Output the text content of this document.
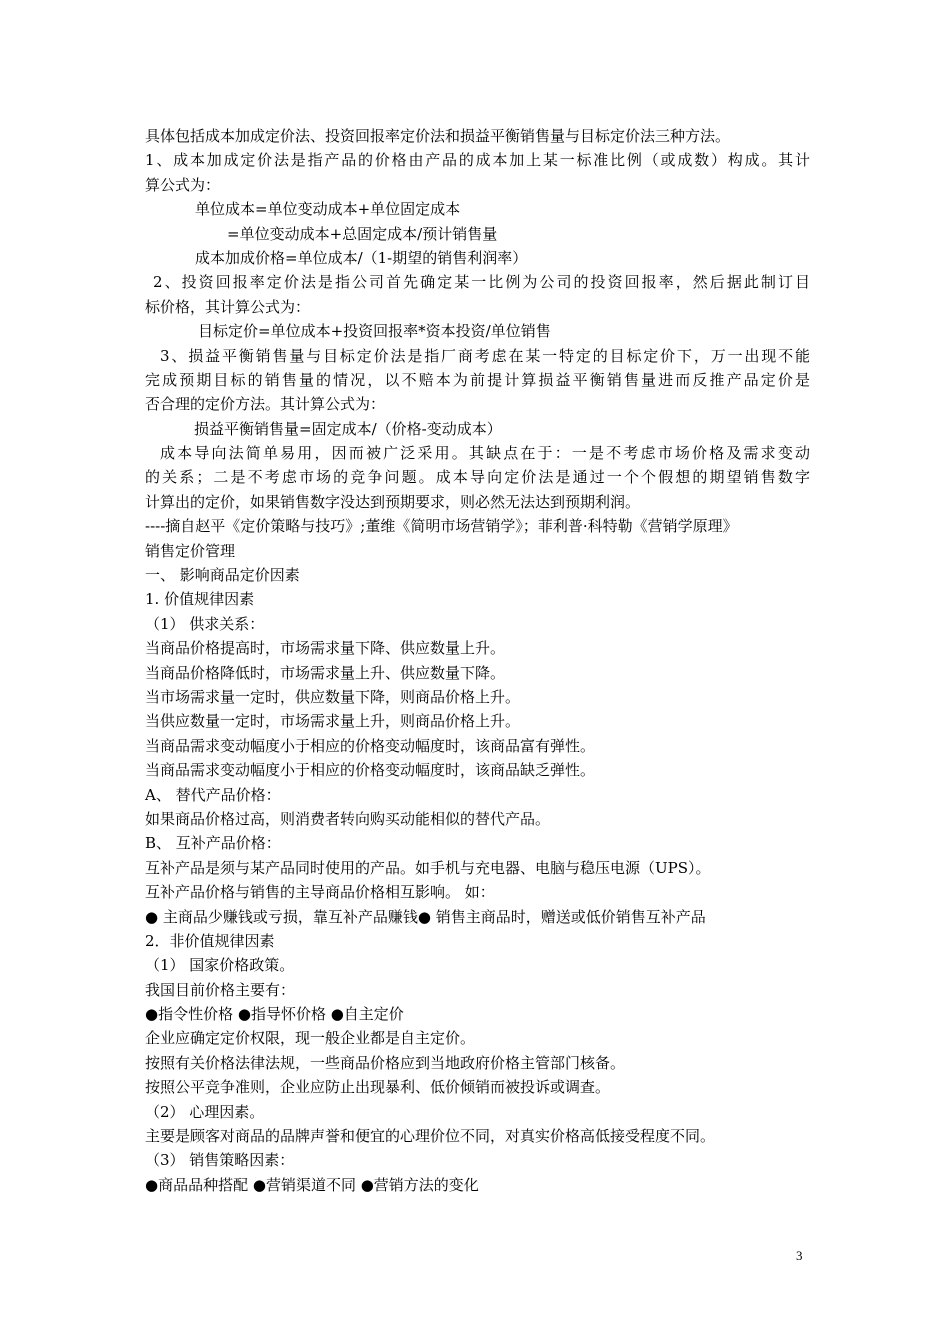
具体包括成本加成定价法、投资回报率定价法和损益平衡销售量与目标定价法三种方法。
1、成本加成定价法是指产品的价格由产品的成本加上某一标准比例（或成数）构成。其计
算公式为：
单位成本=单位变动成本+单位固定成本
=单位变动成本+总固定成本/预计销售量
成本加成价格=单位成本/（1-期望的销售利润率）
2、投资回报率定价法是指公司首先确定某一比例为公司的投资回报率，然后据此制订目
标价格，其计算公式为：
目标定价=单位成本+投资回报率*资本投资/单位销售
3、损益平衡销售量与目标定价法是指厂商考虑在某一特定的目标定价下，万一出现不能
完成预期目标的销售量的情况，以不赔本为前提计算损益平衡销售量进而反推产品定价是
否合理的定价方法。其计算公式为：
损益平衡销售量=固定成本/（价格-变动成本）
成本导向法简单易用，因而被广泛采用。其缺点在于：一是不考虑市场价格及需求变动
的关系；二是不考虑市场的竞争问题。成本导向定价法是通过一个个假想的期望销售数字
计算出的定价，如果销售数字没达到预期要求，则必然无法达到预期利润。
----摘自赵平《定价策略与技巧》;董维《简明市场营销学》；菲利普·科特勒《营销学原理》
销售定价管理
一、 影响商品定价因素
1. 价值规律因素
（1） 供求关系：
当商品价格提高时，市场需求量下降、供应数量上升。
当商品价格降低时，市场需求量上升、供应数量下降。
当市场需求量一定时，供应数量下降，则商品价格上升。
当供应数量一定时，市场需求量上升，则商品价格上升。
当商品需求变动幅度小于相应的价格变动幅度时，该商品富有弹性。
当商品需求变动幅度小于相应的价格变动幅度时，该商品缺乏弹性。
A、 替代产品价格：
如果商品价格过高，则消费者转向购买动能相似的替代产品。
B、 互补产品价格：
互补产品是须与某产品同时使用的产品。如手机与充电器、电脑与稳压电源（UPS）。
互补产品价格与销售的主导商品价格相互影响。 如：
● 主商品少赚钱或亏损，靠互补产品赚钱● 销售主商品时，赠送或低价销售互补产品
2．非价值规律因素
（1） 国家价格政策。
我国目前价格主要有：
●指令性价格 ●指导怀价格 ●自主定价
企业应确定定价权限，现一般企业都是自主定价。
按照有关价格法律法规，一些商品价格应到当地政府价格主管部门核备。
按照公平竞争准则，企业应防止出现暴利、低价倾销而被投诉或调查。
（2） 心理因素。
主要是顾客对商品的品牌声誉和便宜的心理价位不同，对真实价格高低接受程度不同。
（3） 销售策略因素：
●商品品种搭配 ●营销渠道不同 ●营销方法的变化
3
